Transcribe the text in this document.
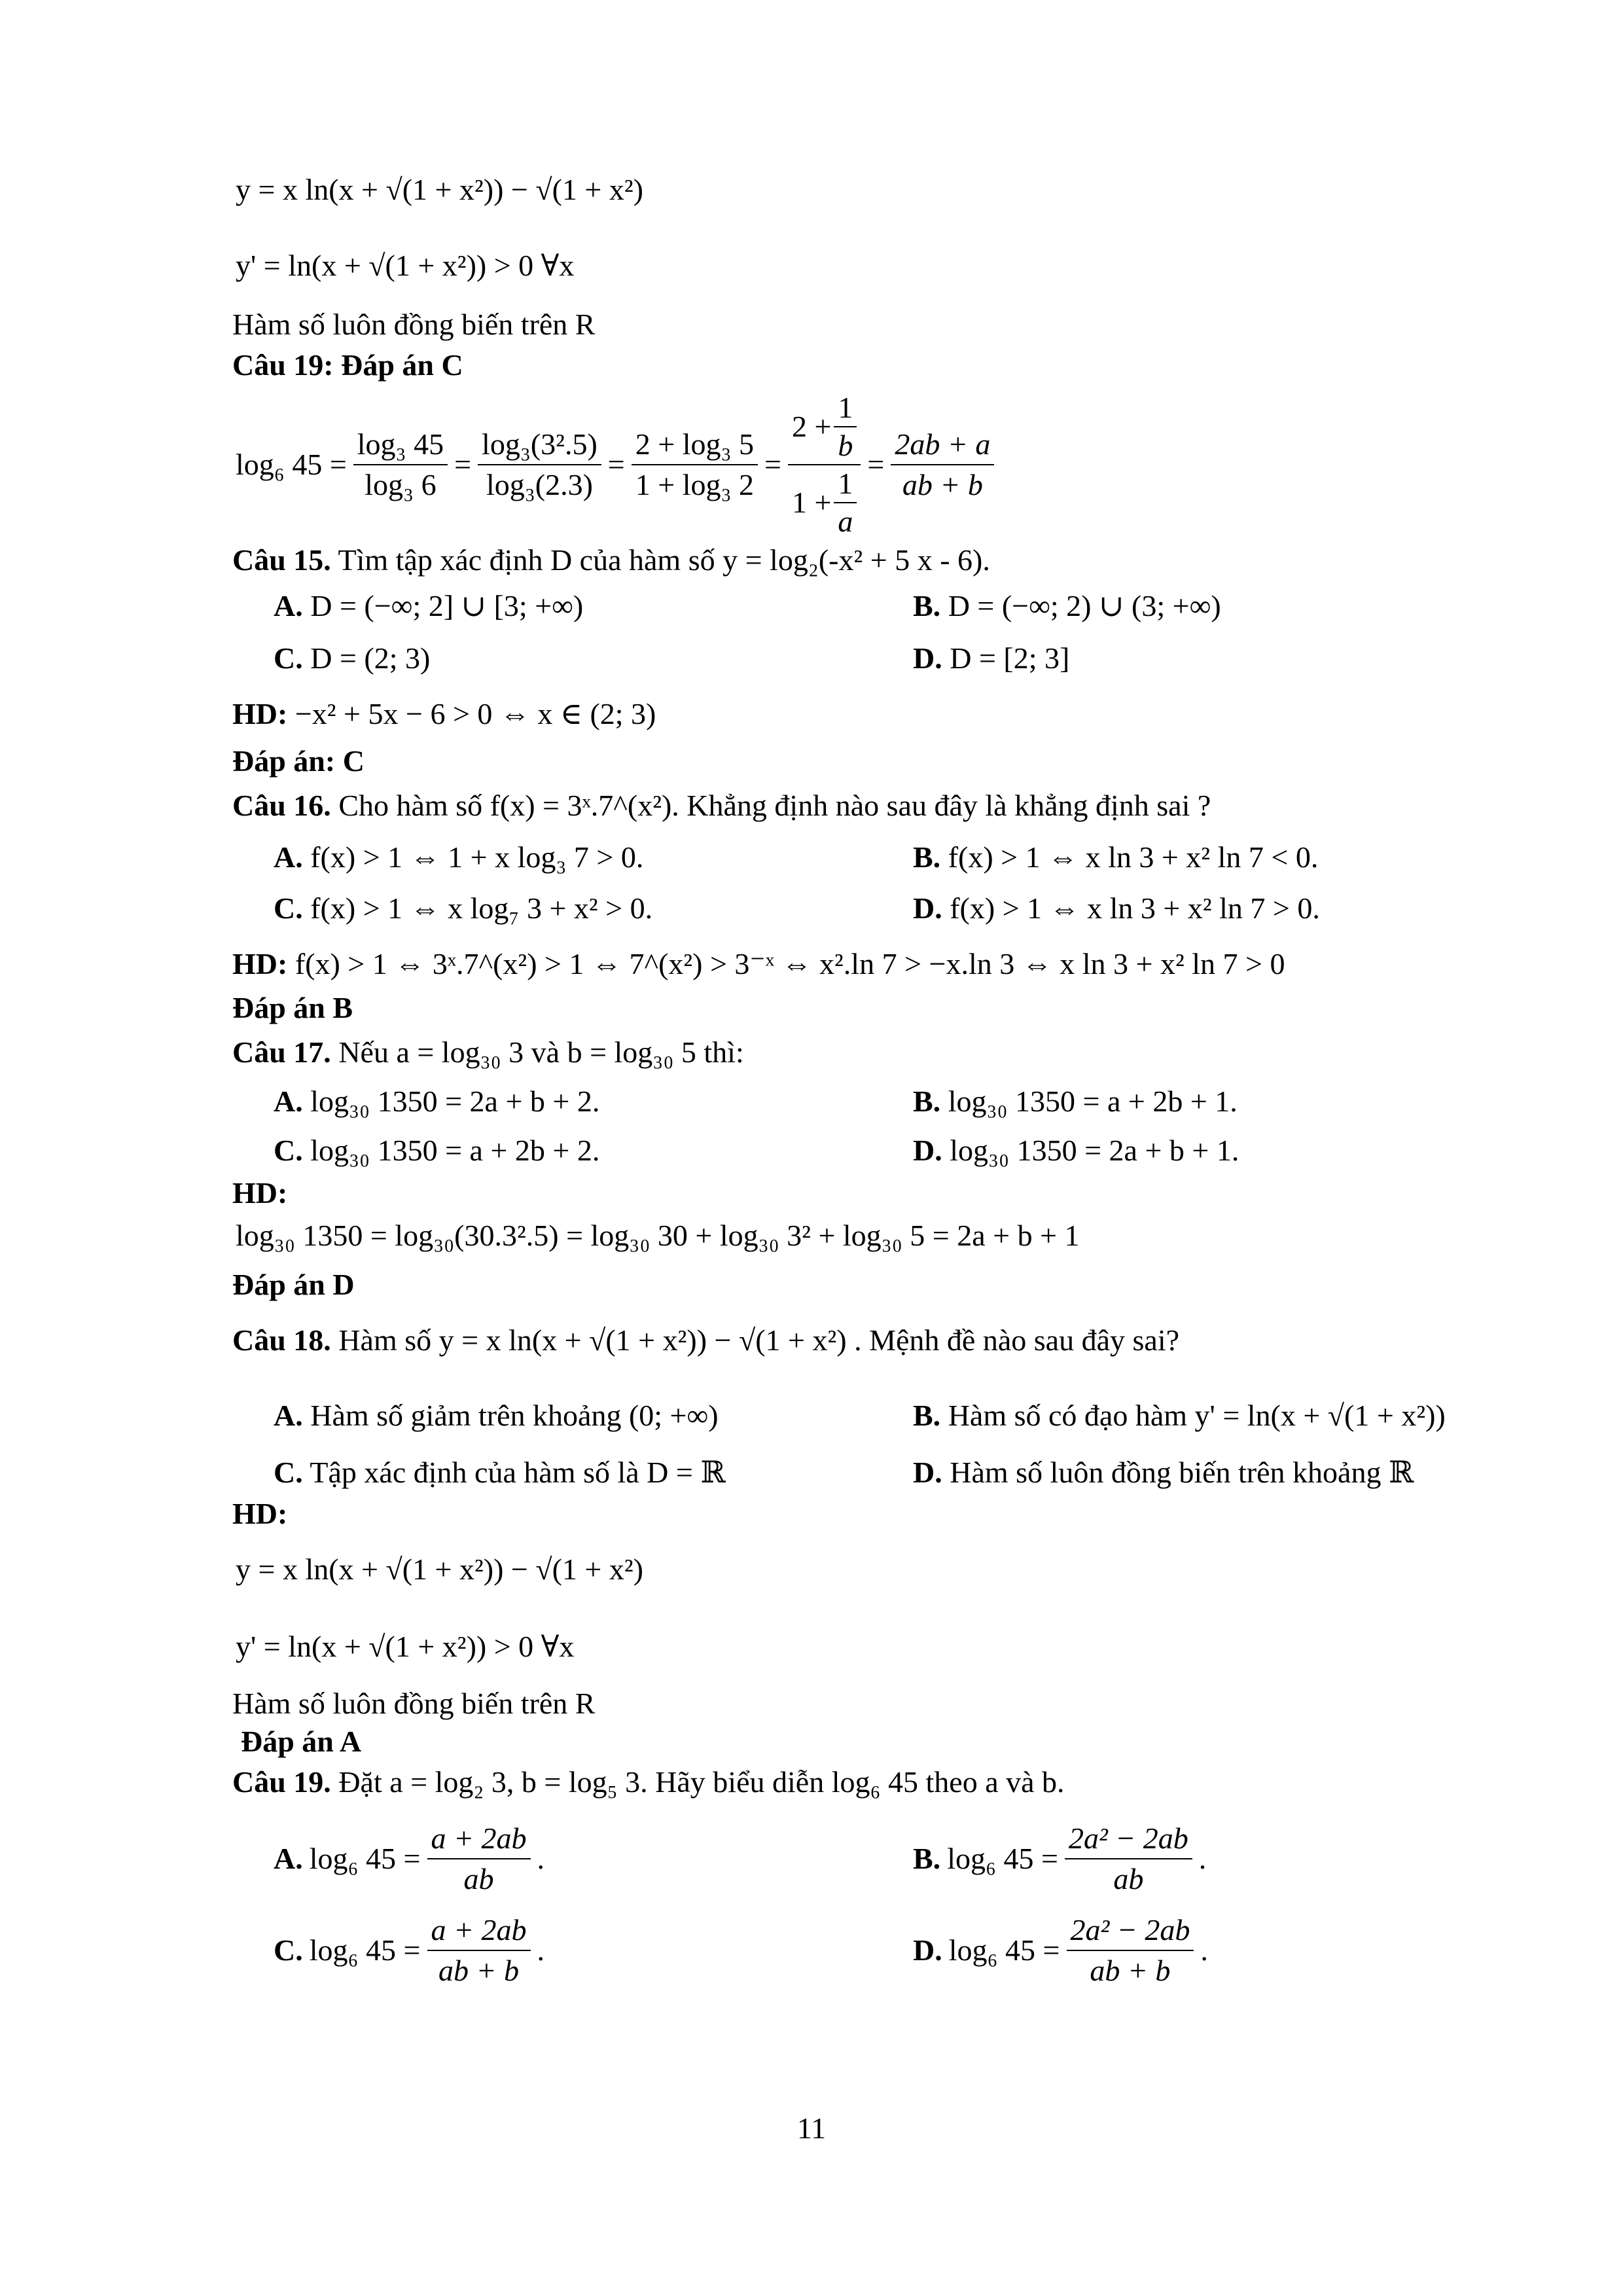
y = x ln(x + √(1 + x²)) − √(1 + x²)
y' = ln(x + √(1 + x²)) > 0 ∀x
Hàm số luôn đồng biến trên R
Câu 19: Đáp án C
log₆ $45 = \frac{\text{log₃ 45}}{\text{log₃ 6}} = \frac{\text{log₃(3².5)}}{\text{log₃(2.3)}} = \frac{\text{2 + log₃ 5}}{\text{1 + log₃ 2}} = \frac{2 + \frac{1}{b}}{1 + \frac{1}{a}} = \frac{2ab + a}{ab + b}$
Câu 15. Tìm tập xác định D của hàm số y = log₂(-x² + 5 x - 6).
A. D = (−∞; 2] ∪ [3; +∞)	B. D = (−∞; 2) ∪ (3; +∞)
C. D = (2; 3)	D. D = [2; 3]
HD: −x² + 5x − 6 > 0 ⇔ x ∈ (2; 3)
Đáp án: C
Câu 16. Cho hàm số f(x) = 3ˣ.7^(x²). Khẳng định nào sau đây là khẳng định sai ?
A. f(x) > 1 ⇔ 1 + x log₃ 7 > 0.	B. f(x) > 1 ⇔ x ln 3 + x² ln 7 < 0.
C. f(x) > 1 ⇔ x log₇ 3 + x² > 0.	D. f(x) > 1 ⇔ x ln 3 + x² ln 7 > 0.
HD: f(x) > 1 ⇔ 3ˣ.7^(x²) > 1 ⇔ 7^(x²) > 3⁻ˣ ⇔ x².ln 7 > −x.ln 3 ⇔ x ln 3 + x² ln 7 > 0
Đáp án B
Câu 17. Nếu a = log₃₀ 3 và b = log₃₀ 5 thì:
A. log₃₀ 1350 = 2a + b + 2.	B. log₃₀ 1350 = a + 2b + 1.
C. log₃₀ 1350 = a + 2b + 2.	D. log₃₀ 1350 = 2a + b + 1.
HD:
log₃₀ 1350 = log₃₀(30.3².5) = log₃₀ 30 + log₃₀ 3² + log₃₀ 5 = 2a + b + 1
Đáp án D
Câu 18. Hàm số y = x ln(x + √(1 + x²)) − √(1 + x²) . Mệnh đề nào sau đây sai?
A. Hàm số giảm trên khoảng (0; +∞)	B. Hàm số có đạo hàm y' = ln(x + √(1 + x²))
C. Tập xác định của hàm số là D = ℝ	D. Hàm số luôn đồng biến trên khoảng ℝ
HD:
y = x ln(x + √(1 + x²)) − √(1 + x²)
y' = ln(x + √(1 + x²)) > 0 ∀x
Hàm số luôn đồng biến trên R
Đáp án A
Câu 19. Đặt a = log₂ 3, b = log₅ 3. Hãy biểu diễn log₆ 45 theo a và b.
A. log₆ $45 = \frac{a + 2ab}{ab}$ .	B. log₆ $45 = \frac{\text{2a² − 2ab}}{ab}$ .
C. log₆ $45 = \frac{a + 2ab}{ab + b}$ .	D. log₆ $45 = \frac{\text{2a² − 2ab}}{ab + b}$ .
11
